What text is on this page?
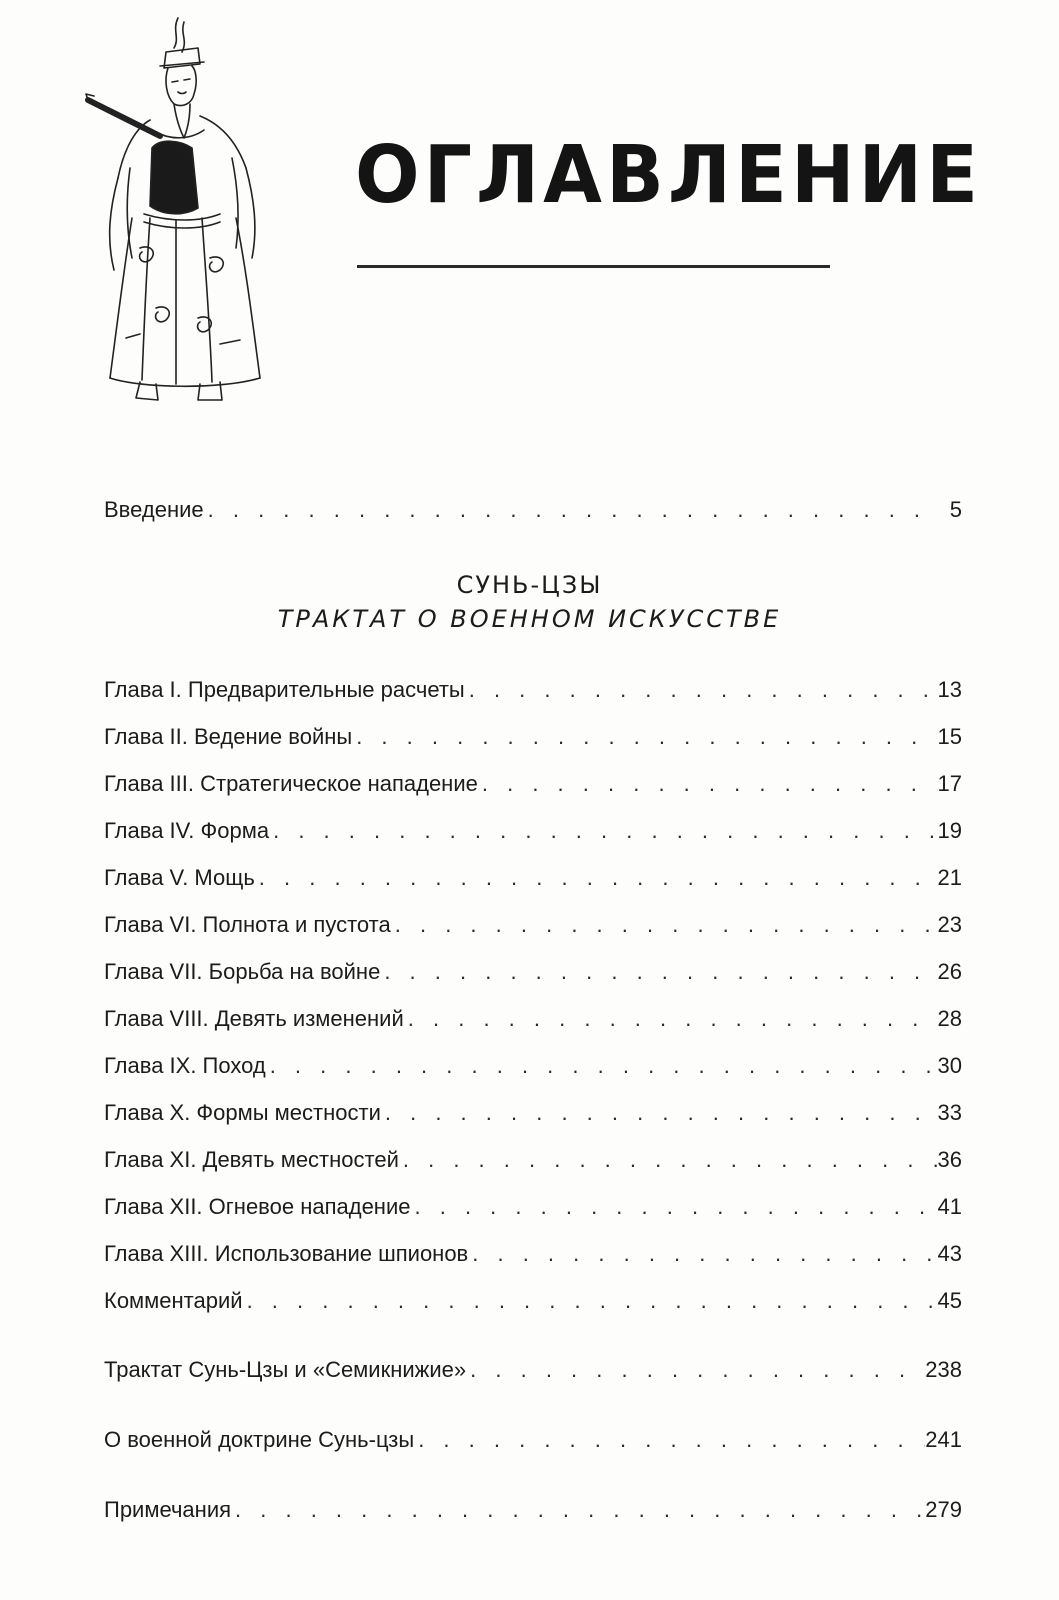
ОГЛАВЛЕНИЕ
Введение . . .	5
СУНЬ-ЦЗЫ
ТРАКТАТ О ВОЕННОМ ИСКУССТВЕ
Глава I. Предварительные расчеты . . .	13
Глава II. Ведение войны . . .	15
Глава III. Стратегическое нападение . . .	17
Глава IV. Форма . . .	19
Глава V. Мощь . . .	21
Глава VI. Полнота и пустота . . .	23
Глава VII. Борьба на войне . . .	26
Глава VIII. Девять изменений . . .	28
Глава IX. Поход . . .	30
Глава X. Формы местности . . .	33
Глава XI. Девять местностей . . .	36
Глава XII. Огневое нападение . . .	41
Глава XIII. Использование шпионов . . .	43
Комментарий . . .	45
Трактат Сунь-Цзы и «Семикнижие» . . .	238
О военной доктрине Сунь-цзы . . .	241
Примечания . . .	279
